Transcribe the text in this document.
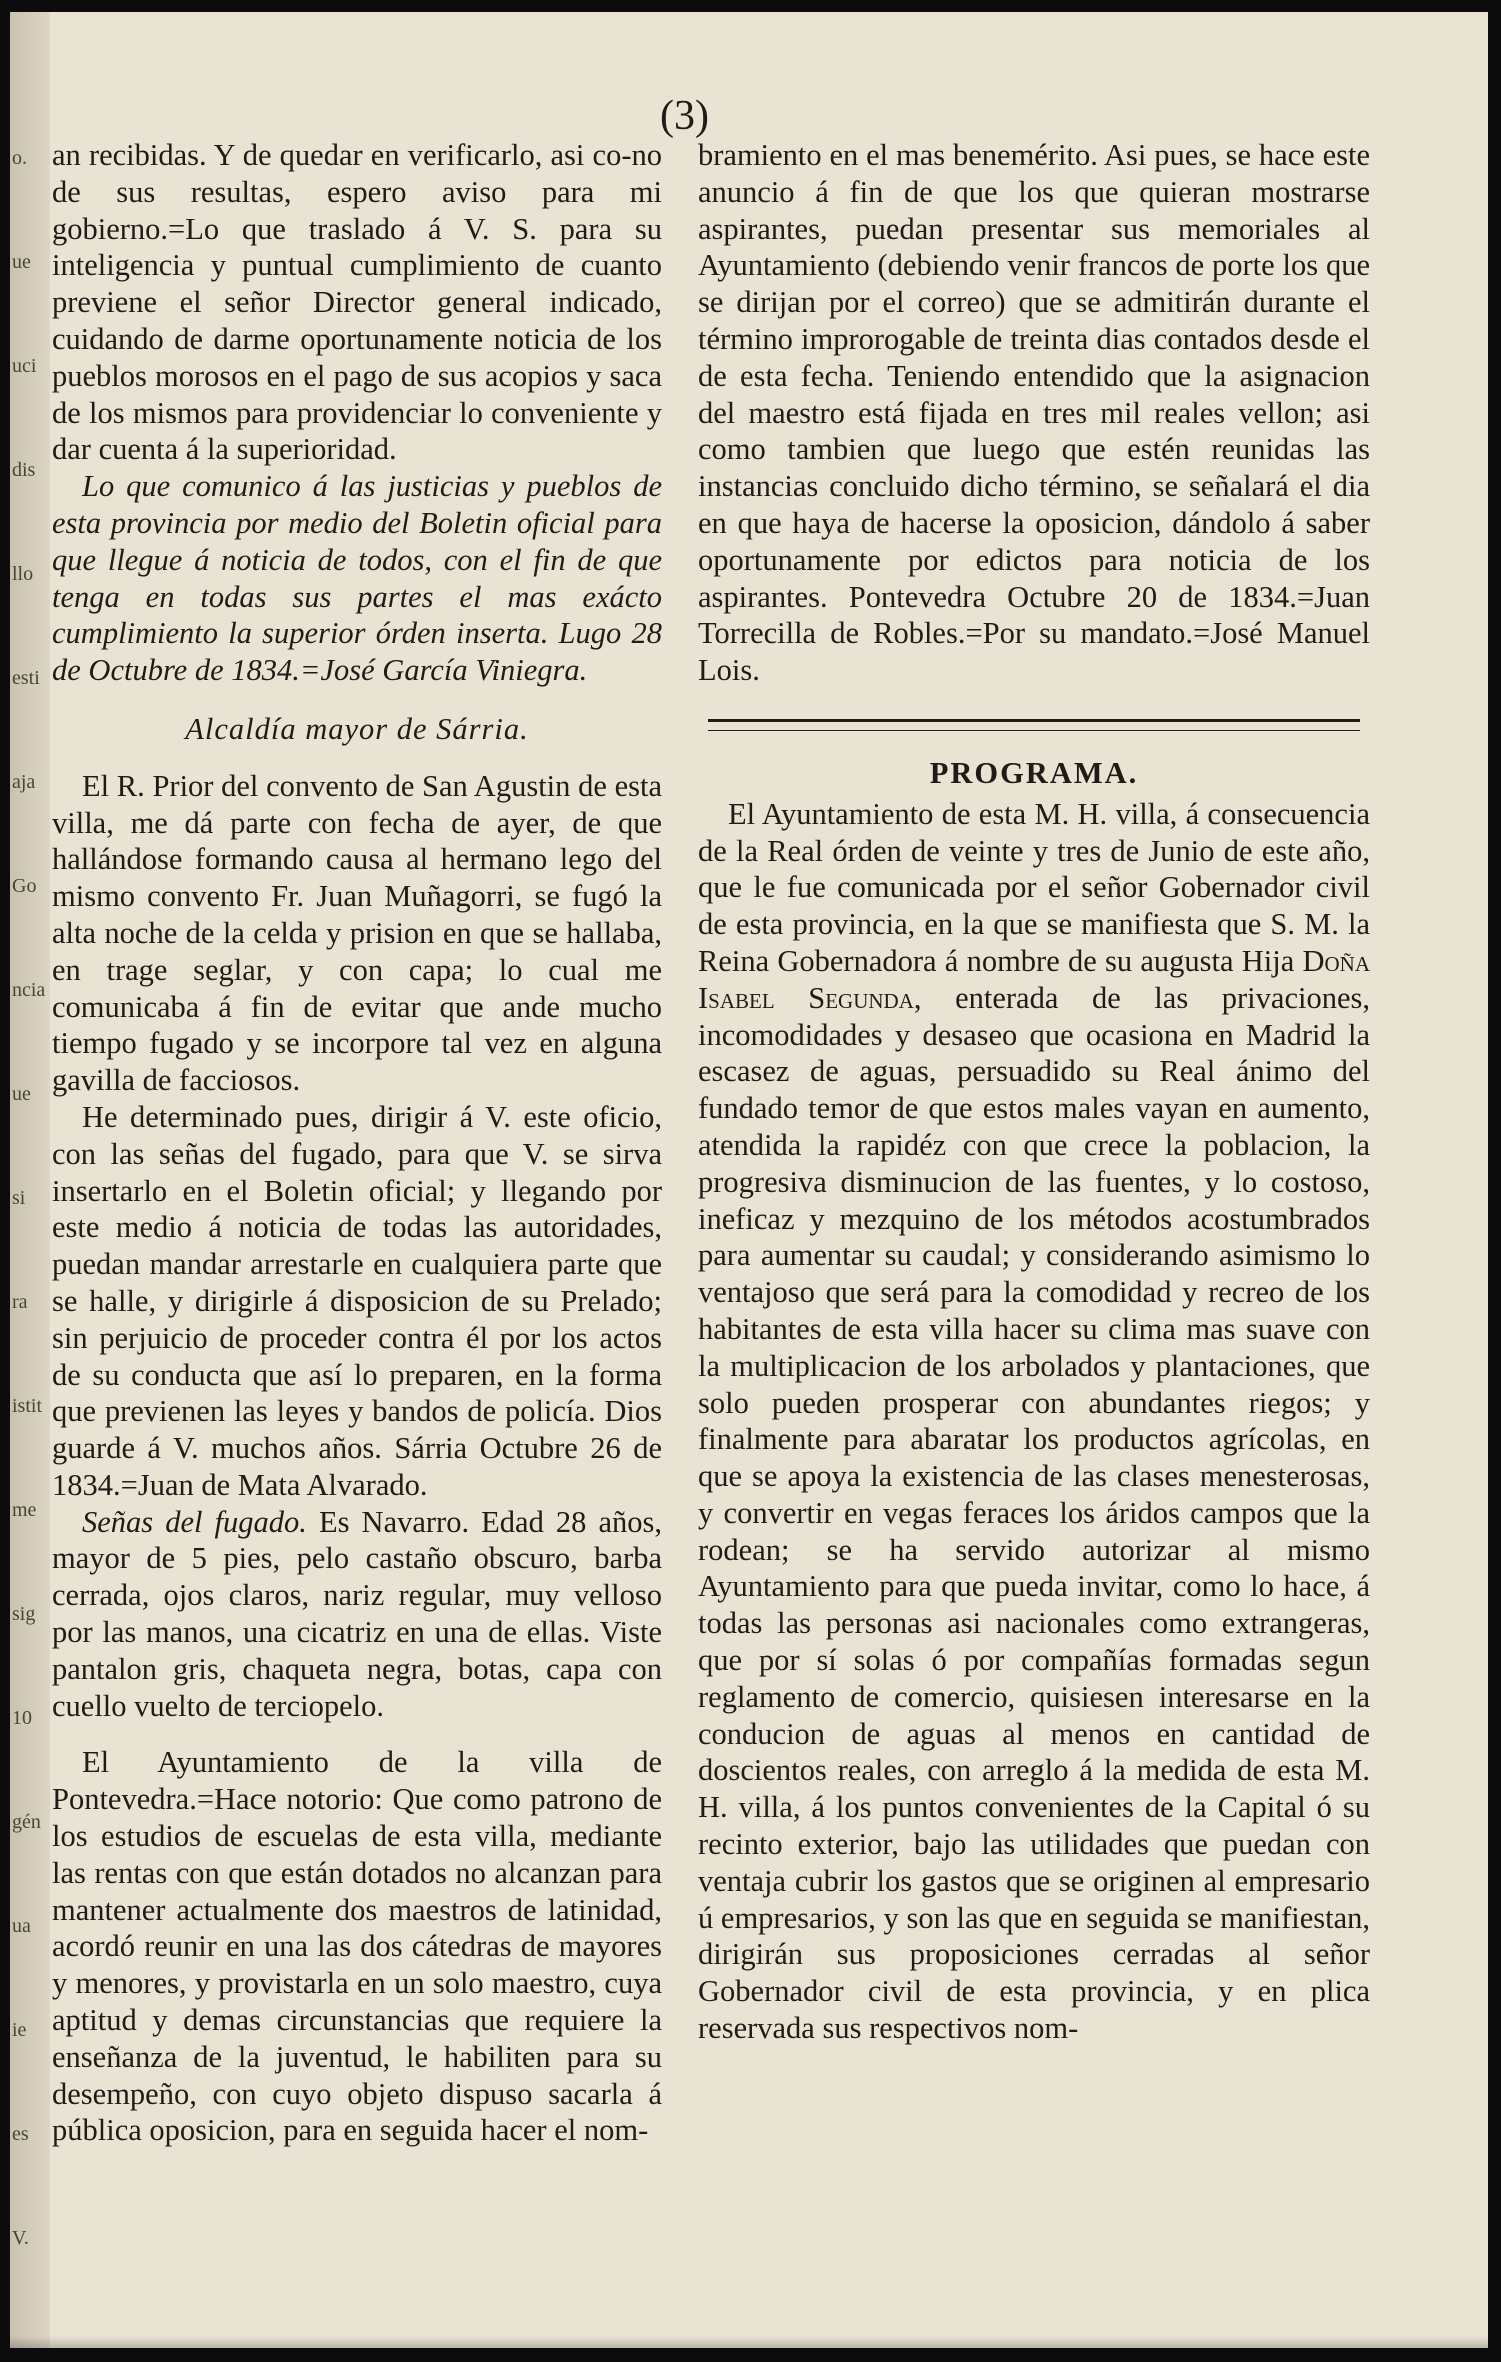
o.
ue
uci
dis
llo
esti
aja
Go
ncia
ue
si
ra
istit
me
sig
10
gén
ua
ie
es
V.
(3)

an recibidas. Y de quedar en verificarlo, asi co-no de sus resultas, espero aviso para mi gobierno.=Lo que traslado á V. S. para su inteligencia y puntual cumplimiento de cuanto previene el señor Director general indicado, cuidando de darme oportunamente noticia de los pueblos morosos en el pago de sus acopios y saca de los mismos para providenciar lo conveniente y dar cuenta á la superioridad.

Lo que comunico á las justicias y pueblos de esta provincia por medio del Boletin oficial para que llegue á noticia de todos, con el fin de que tenga en todas sus partes el mas exácto cumplimiento la superior órden inserta. Lugo 28 de Octubre de 1834.=José García Viniegra.

Alcaldía mayor de Sárria.

El R. Prior del convento de San Agustin de esta villa, me dá parte con fecha de ayer, de que hallándose formando causa al hermano lego del mismo convento Fr. Juan Muñagorri, se fugó la alta noche de la celda y prision en que se hallaba, en trage seglar, y con capa; lo cual me comunicaba á fin de evitar que ande mucho tiempo fugado y se incorpore tal vez en alguna gavilla de facciosos.

He determinado pues, dirigir á V. este oficio, con las señas del fugado, para que V. se sirva insertarlo en el Boletin oficial; y llegando por este medio á noticia de todas las autoridades, puedan mandar arrestarle en cualquiera parte que se halle, y dirigirle á disposicion de su Prelado; sin perjuicio de proceder contra él por los actos de su conducta que así lo preparen, en la forma que previenen las leyes y bandos de policía. Dios guarde á V. muchos años. Sárria Octubre 26 de 1834.=Juan de Mata Alvarado.

Señas del fugado. Es Navarro. Edad 28 años, mayor de 5 pies, pelo castaño obscuro, barba cerrada, ojos claros, nariz regular, muy velloso por las manos, una cicatriz en una de ellas. Viste pantalon gris, chaqueta negra, botas, capa con cuello vuelto de terciopelo.

El Ayuntamiento de la villa de Pontevedra.=Hace notorio: Que como patrono de los estudios de escuelas de esta villa, mediante las rentas con que están dotados no alcanzan para mantener actualmente dos maestros de latinidad, acordó reunir en una las dos cátedras de mayores y menores, y provistarla en un solo maestro, cuya aptitud y demas circunstancias que requiere la enseñanza de la juventud, le habiliten para su desempeño, con cuyo objeto dispuso sacarla á pública oposicion, para en seguida hacer el nom-

bramiento en el mas benemérito. Asi pues, se hace este anuncio á fin de que los que quieran mostrarse aspirantes, puedan presentar sus memoriales al Ayuntamiento (debiendo venir francos de porte los que se dirijan por el correo) que se admitirán durante el término improrogable de treinta dias contados desde el de esta fecha. Teniendo entendido que la asignacion del maestro está fijada en tres mil reales vellon; asi como tambien que luego que estén reunidas las instancias concluido dicho término, se señalará el dia en que haya de hacerse la oposicion, dándolo á saber oportunamente por edictos para noticia de los aspirantes. Pontevedra Octubre 20 de 1834.=Juan Torrecilla de Robles.=Por su mandato.=José Manuel Lois.

PROGRAMA.

El Ayuntamiento de esta M. H. villa, á consecuencia de la Real órden de veinte y tres de Junio de este año, que le fue comunicada por el señor Gobernador civil de esta provincia, en la que se manifiesta que S. M. la Reina Gobernadora á nombre de su augusta Hija Doña Isabel Segunda, enterada de las privaciones, incomodidades y desaseo que ocasiona en Madrid la escasez de aguas, persuadido su Real ánimo del fundado temor de que estos males vayan en aumento, atendida la rapidéz con que crece la poblacion, la progresiva disminucion de las fuentes, y lo costoso, ineficaz y mezquino de los métodos acostumbrados para aumentar su caudal; y considerando asimismo lo ventajoso que será para la comodidad y recreo de los habitantes de esta villa hacer su clima mas suave con la multiplicacion de los arbolados y plantaciones, que solo pueden prosperar con abundantes riegos; y finalmente para abaratar los productos agrícolas, en que se apoya la existencia de las clases menesterosas, y convertir en vegas feraces los áridos campos que la rodean; se ha servido autorizar al mismo Ayuntamiento para que pueda invitar, como lo hace, á todas las personas asi nacionales como extrangeras, que por sí solas ó por compañías formadas segun reglamento de comercio, quisiesen interesarse en la conducion de aguas al menos en cantidad de doscientos reales, con arreglo á la medida de esta M. H. villa, á los puntos convenientes de la Capital ó su recinto exterior, bajo las utilidades que puedan con ventaja cubrir los gastos que se originen al empresario ú empresarios, y son las que en seguida se manifiestan, dirigirán sus proposiciones cerradas al señor Gobernador civil de esta provincia, y en plica reservada sus respectivos nom-
